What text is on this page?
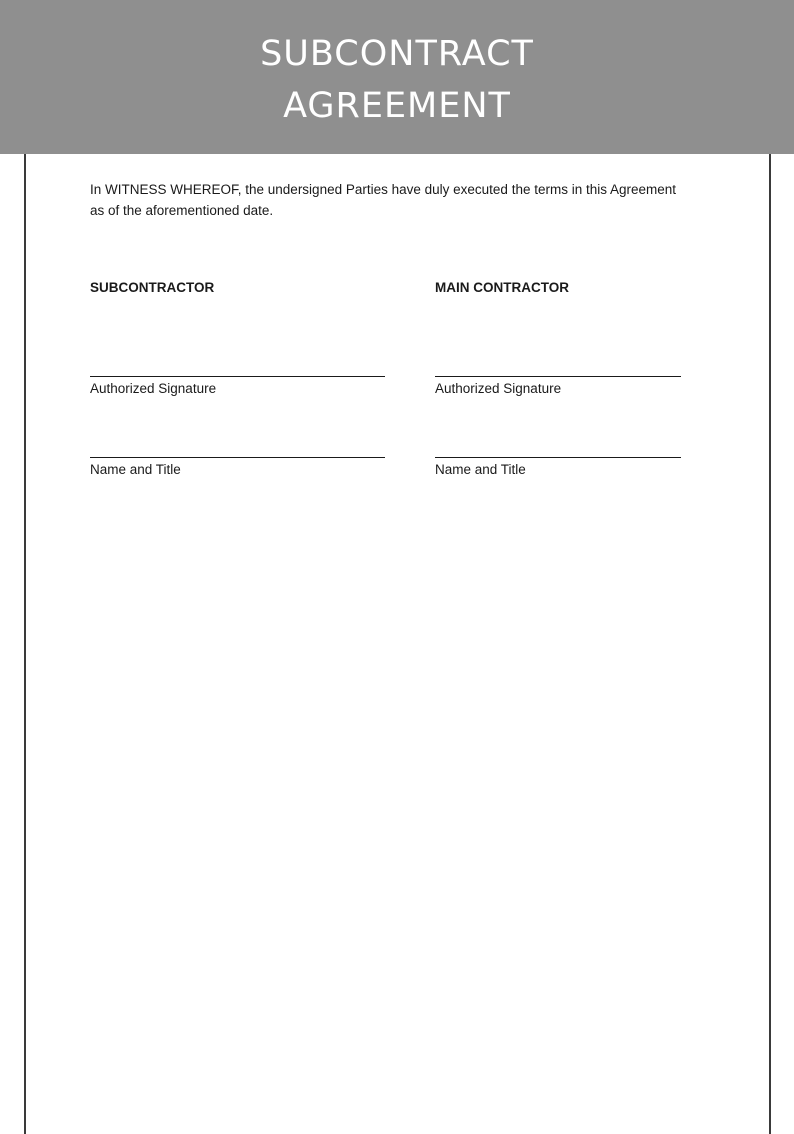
SUBCONTRACT
AGREEMENT

In WITNESS WHEREOF, the undersigned Parties have duly executed the terms in this Agreement as of the aforementioned date.

SUBCONTRACTOR
Authorized Signature
Name and Title
MAIN CONTRACTOR
Authorized Signature
Name and Title
